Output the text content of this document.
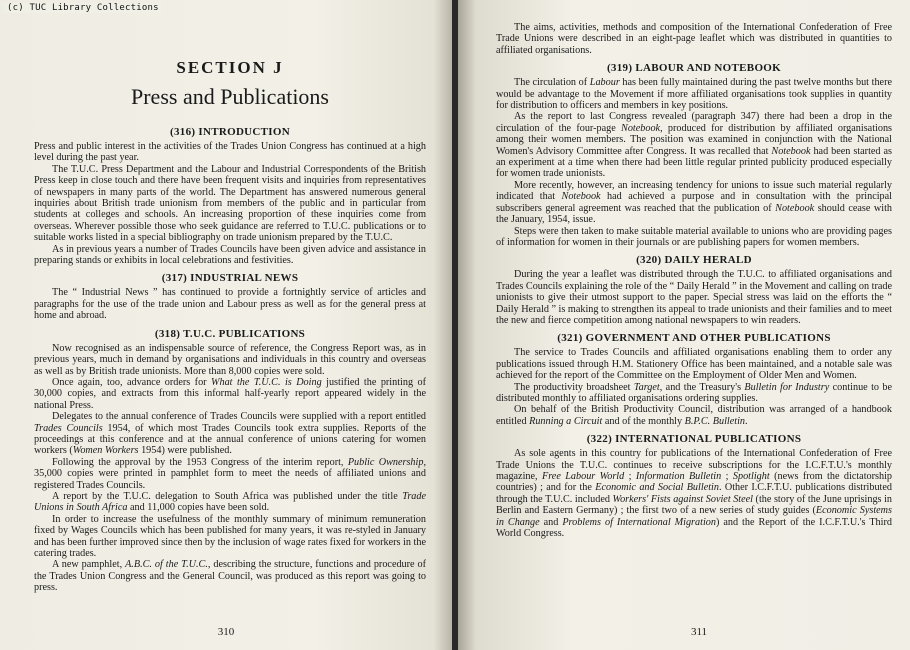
(c) TUC Library Collections
SECTION J
Press and Publications
(316) INTRODUCTION

Press and public interest in the activities of the Trades Union Congress has continued at a high level during the past year.

The T.U.C. Press Department and the Labour and Industrial Correspondents of the British Press keep in close touch and there have been frequent visits and inquiries from representatives of newspapers in many parts of the world. The Department has answered numerous general inquiries about British trade unionism from members of the public and in particular from students at colleges and schools. An increasing proportion of these inquiries come from overseas. Wherever possible those who seek guidance are referred to T.U.C. publications or to suitable works listed in a special bibliography on trade unionism prepared by the T.U.C.

As in previous years a number of Trades Councils have been given advice and assistance in preparing stands or exhibits in local celebrations and festivities.

(317) INDUSTRIAL NEWS

The “ Industrial News ” has continued to provide a fortnightly service of articles and paragraphs for the use of the trade union and Labour press as well as for the general press at home and abroad.

(318) T.U.C. PUBLICATIONS

Now recognised as an indispensable source of reference, the Congress Report was, as in previous years, much in demand by organisations and individuals in this country and overseas as well as by British trade unionists. More than 8,000 copies were sold.

Once again, too, advance orders for What the T.U.C. is Doing justified the printing of 30,000 copies, and extracts from this informal half-yearly report appeared widely in the national Press.

Delegates to the annual conference of Trades Councils were supplied with a report entitled Trades Councils 1954, of which most Trades Councils took extra supplies. Reports of the proceedings at this conference and at the annual conference of unions catering for women workers (Women Workers 1954) were published.

Following the approval by the 1953 Congress of the interim report, Public Ownership, 35,000 copies were printed in pamphlet form to meet the needs of affiliated unions and registered Trades Councils.

A report by the T.U.C. delegation to South Africa was published under the title Trade Unions in South Africa and 11,000 copies have been sold.

In order to increase the usefulness of the monthly summary of minimum remuneration fixed by Wages Councils which has been published for many years, it was re-styled in January and has been further improved since then by the inclusion of wage rates fixed for workers in the catering trades.

A new pamphlet, A.B.C. of the T.U.C., describing the structure, functions and procedure of the Trades Union Congress and the General Council, was produced as this report was going to press.

310

The aims, activities, methods and composition of the International Confederation of Free Trade Unions were described in an eight-page leaflet which was distributed in quantities to affiliated organisations.

(319) LABOUR AND NOTEBOOK

The circulation of Labour has been fully maintained during the past twelve months but there would be advantage to the Movement if more affiliated organisations took supplies in quantity for distribution to officers and members in key positions.

As the report to last Congress revealed (paragraph 347) there had been a drop in the circulation of the four-page Notebook, produced for distribution by affiliated organisations among their women members. The position was examined in conjunction with the National Women's Advisory Committee after Congress. It was recalled that Notebook had been started as an experiment at a time when there had been little regular printed publicity produced especially for women trade unionists.

More recently, however, an increasing tendency for unions to issue such material regularly indicated that Notebook had achieved a purpose and in consultation with the principal subscribers general agreement was reached that the publication of Notebook should cease with the January, 1954, issue.

Steps were then taken to make suitable material available to unions who are providing pages of information for women in their journals or are publishing papers for women members.

(320) DAILY HERALD

During the year a leaflet was distributed through the T.U.C. to affiliated organisations and Trades Councils explaining the role of the “ Daily Herald ” in the Movement and calling on trade unionists to give their utmost support to the paper. Special stress was laid on the efforts the “ Daily Herald ” is making to strengthen its appeal to trade unionists and their families and to meet the new and fierce competition among national newspapers to win readers.

(321) GOVERNMENT AND OTHER PUBLICATIONS

The service to Trades Councils and affiliated organisations enabling them to order any publications issued through H.M. Stationery Office has been maintained, and a notable sale was achieved for the report of the Committee on the Employment of Older Men and Women.

The productivity broadsheet Target, and the Treasury's Bulletin for Industry continue to be distributed monthly to affiliated organisations ordering supplies.

On behalf of the British Productivity Council, distribution was arranged of a handbook entitled Running a Circuit and of the monthly B.P.C. Bulletin.

(322) INTERNATIONAL PUBLICATIONS

As sole agents in this country for publications of the International Confederation of Free Trade Unions the T.U.C. continues to receive subscriptions for the I.C.F.T.U.'s monthly magazine, Free Labour World ; Information Bulletin ; Spotlight (news from the dictatorship countries) ; and for the Economic and Social Bulletin. Other I.C.F.T.U. publications distributed through the T.U.C. included Workers' Fists against Soviet Steel (the story of the June uprisings in Berlin and Eastern Germany) ; the first two of a new series of study guides (Economic Systems in Change and Problems of International Migration) and the Report of the I.C.F.T.U.'s Third World Congress.

311
